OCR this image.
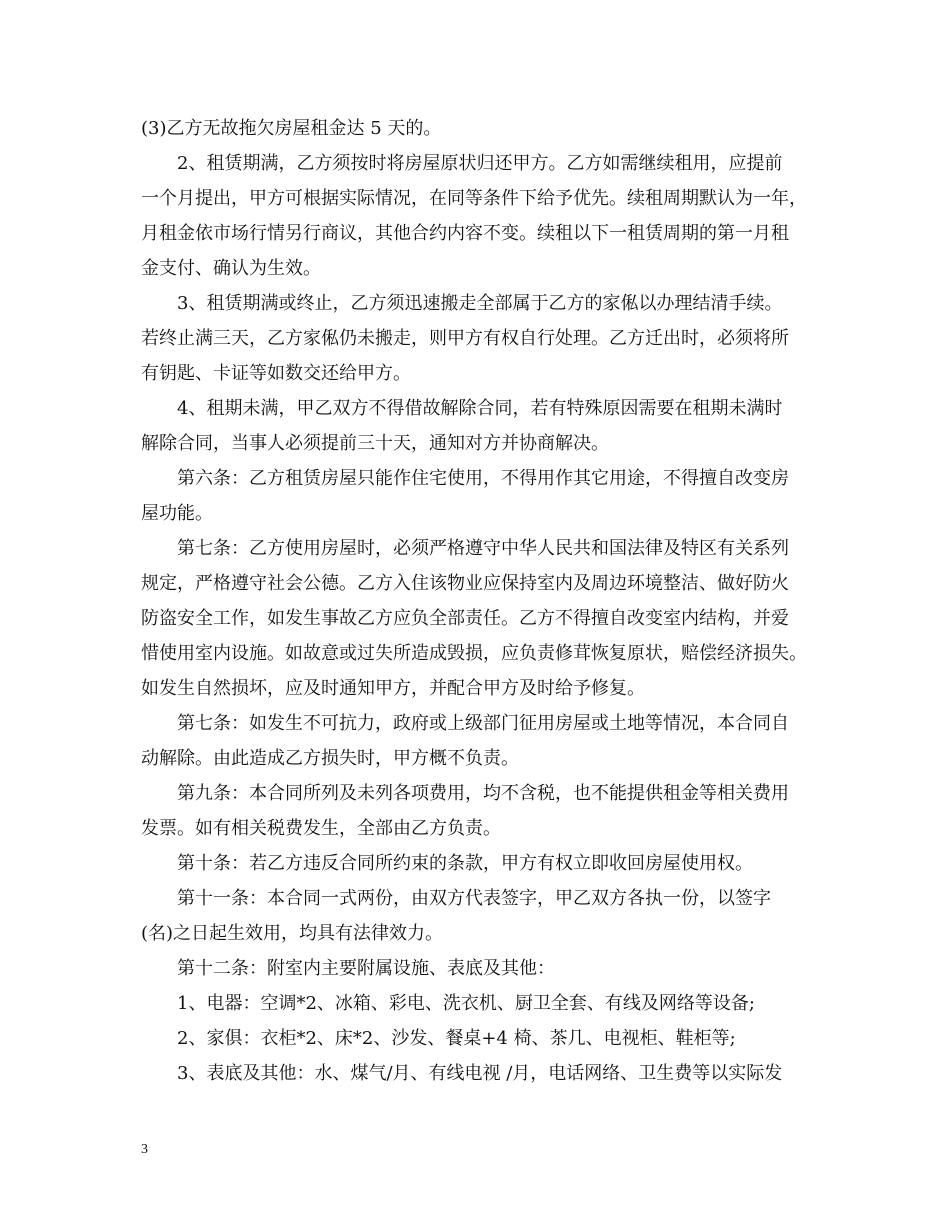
(3)乙方无故拖欠房屋租金达 5 天的。
2、租赁期满，乙方须按时将房屋原状归还甲方。乙方如需继续租用，应提前
一个月提出，甲方可根据实际情况，在同等条件下给予优先。续租周期默认为一年，
月租金依市场行情另行商议，其他合约内容不变。续租以下一租赁周期的第一月租
金支付、确认为生效。
3、租赁期满或终止，乙方须迅速搬走全部属于乙方的家俬以办理结清手续。
若终止满三天，乙方家俬仍未搬走，则甲方有权自行处理。乙方迁出时，必须将所
有钥匙、卡证等如数交还给甲方。
4、租期未满，甲乙双方不得借故解除合同，若有特殊原因需要在租期未满时
解除合同，当事人必须提前三十天，通知对方并协商解决。
第六条：乙方租赁房屋只能作住宅使用，不得用作其它用途，不得擅自改变房
屋功能。
第七条：乙方使用房屋时，必须严格遵守中华人民共和国法律及特区有关系列
规定，严格遵守社会公德。乙方入住该物业应保持室内及周边环境整洁、做好防火
防盗安全工作，如发生事故乙方应负全部责任。乙方不得擅自改变室内结构，并爱
惜使用室内设施。如故意或过失所造成毁损，应负责修茸恢复原状，赔偿经济损失。
如发生自然损坏，应及时通知甲方，并配合甲方及时给予修复。
第七条：如发生不可抗力，政府或上级部门征用房屋或土地等情况，本合同自
动解除。由此造成乙方损失时，甲方概不负责。
第九条：本合同所列及未列各项费用，均不含税，也不能提供租金等相关费用
发票。如有相关税费发生，全部由乙方负责。
第十条：若乙方违反合同所约束的条款，甲方有权立即收回房屋使用权。
第十一条：本合同一式两份，由双方代表签字，甲乙双方各执一份，以签字
(名)之日起生效用，均具有法律效力。
第十二条：附室内主要附属设施、表底及其他：
1、电器：空调*2、冰箱、彩电、洗衣机、厨卫全套、有线及网络等设备;
2、家俱：衣柜*2、床*2、沙发、餐桌+4 椅、茶几、电视柜、鞋柜等;
3、表底及其他：水、煤气/月、有线电视 /月，电话网络、卫生费等以实际发
3
